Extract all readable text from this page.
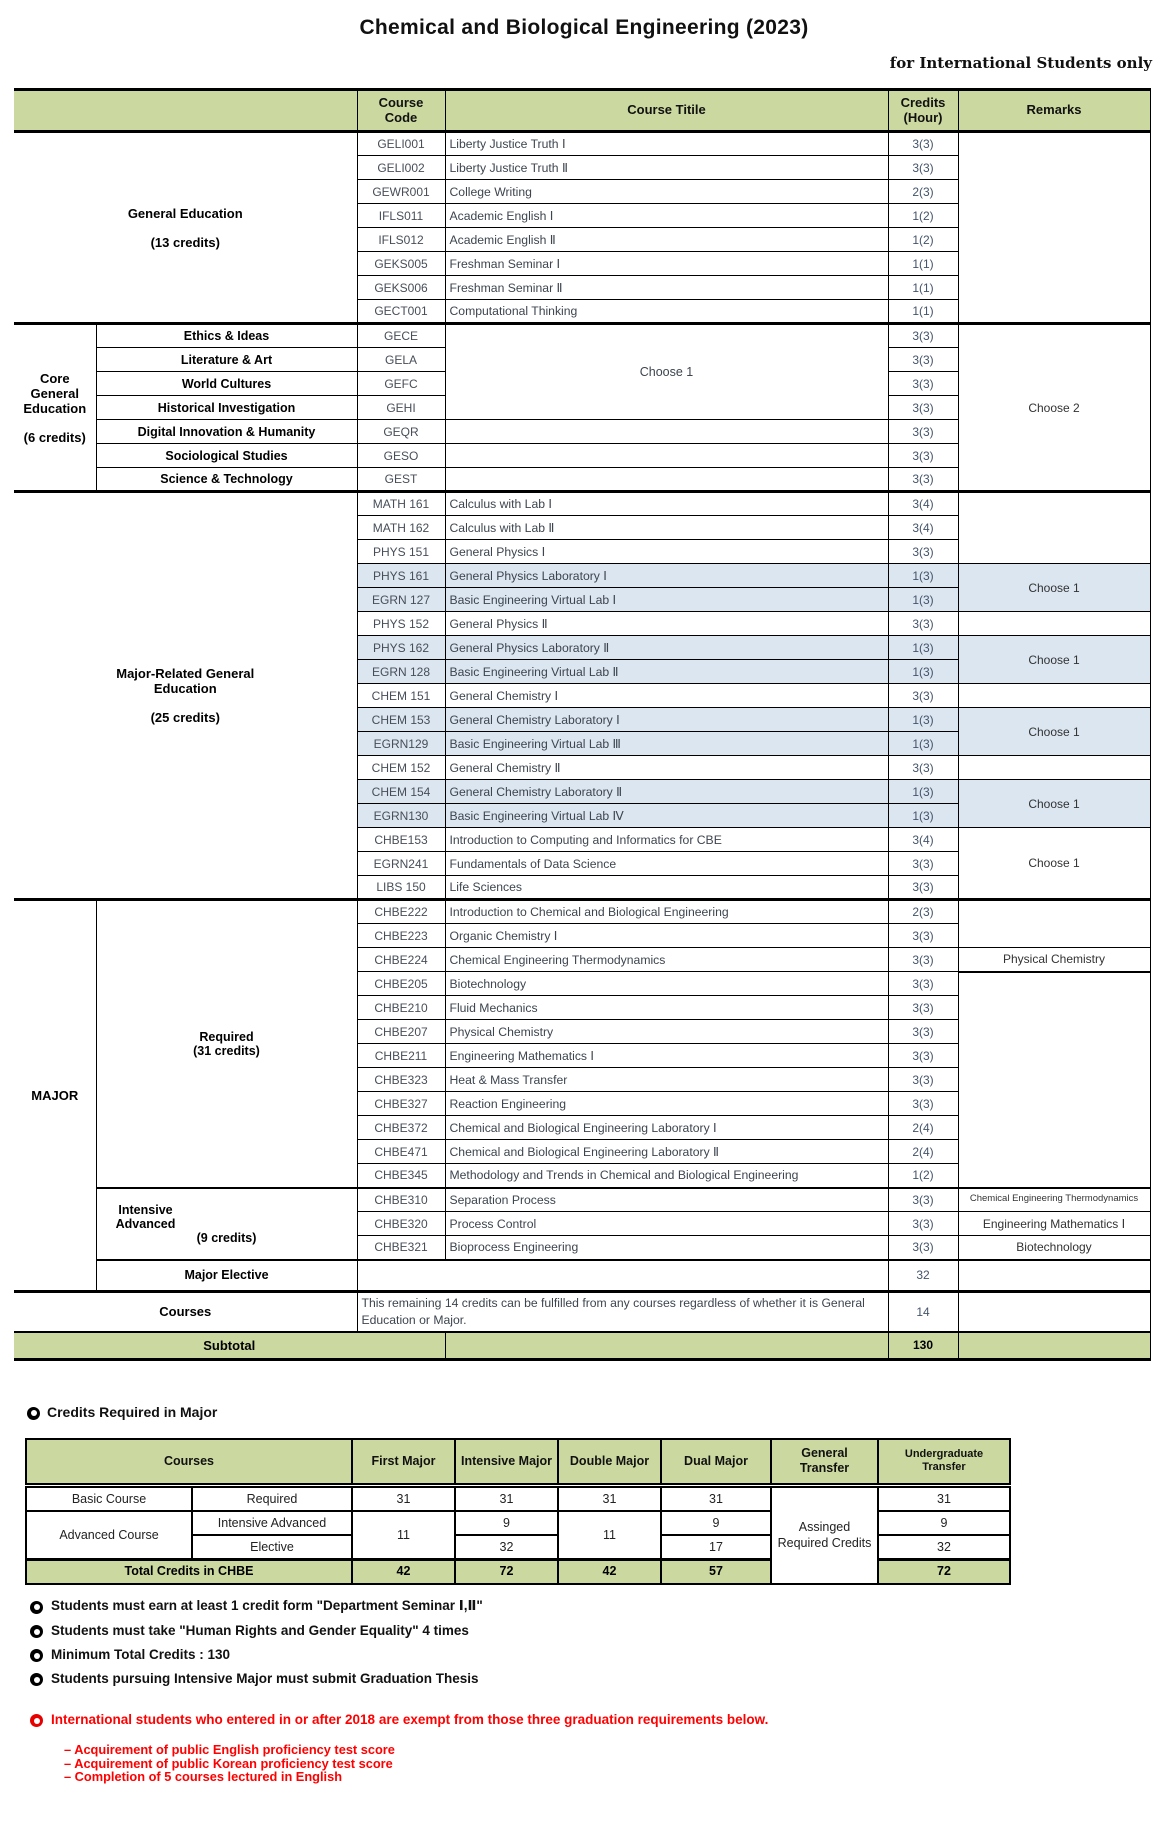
Chemical and Biological Engineering (2023)
for International Students only
		Course Code	Course Titile	Credits (Hour)	Remarks

General Education
(13 credits)		GELI001	Liberty Justice Truth Ⅰ	3(3)	
		GELI002	Liberty Justice Truth Ⅱ	3(3)	
		GEWR001	College Writing	2(3)	
		IFLS011	Academic English Ⅰ	1(2)	
		IFLS012	Academic English Ⅱ	1(2)	
		GEKS005	Freshman Seminar Ⅰ	1(1)	
		GEKS006	Freshman Seminar Ⅱ	1(1)	
		GECT001	Computational Thinking	1(1)	

Core General Education
(6 credits)	Ethics & Ideas	GECE	Choose 1	3(3)	Choose 2
	Literature & Art	GELA		3(3)	
	World Cultures	GEFC		3(3)	
	Historical Investigation	GEHI		3(3)	
	Digital Innovation & Humanity	GEQR		3(3)	
	Sociological Studies	GESO		3(3)	
	Science & Technology	GEST		3(3)	

Major-Related General Education
(25 credits)		MATH 161	Calculus with Lab Ⅰ	3(4)	
		MATH 162	Calculus with Lab Ⅱ	3(4)	
		PHYS 151	General Physics Ⅰ	3(3)	
		PHYS 161	General Physics Laboratory Ⅰ	1(3)	Choose 1
		EGRN 127	Basic Engineering Virtual Lab Ⅰ	1(3)	
		PHYS 152	General Physics Ⅱ	3(3)	
		PHYS 162	General Physics Laboratory Ⅱ	1(3)	Choose 1
		EGRN 128	Basic Engineering Virtual Lab Ⅱ	1(3)	
		CHEM 151	General Chemistry Ⅰ	3(3)	
		CHEM 153	General Chemistry Laboratory Ⅰ	1(3)	Choose 1
		EGRN129	Basic Engineering Virtual Lab Ⅲ	1(3)	
		CHEM 152	General Chemistry Ⅱ	3(3)	
		CHEM 154	General Chemistry Laboratory Ⅱ	1(3)	Choose 1
		EGRN130	Basic Engineering Virtual Lab Ⅳ	1(3)	
		CHBE153	Introduction to Computing and Informatics for CBE	3(4)	Choose 1
		EGRN241	Fundamentals of Data Science	3(3)	
		LIBS 150	Life Sciences	3(3)	
MAJOR	Required
(31 credits)	CHBE222	Introduction to Chemical and Biological Engineering	2(3)	
		CHBE223	Organic Chemistry Ⅰ	3(3)	
		CHBE224	Chemical Engineering Thermodynamics	3(3)	Physical Chemistry
		CHBE205	Biotechnology	3(3)	
		CHBE210	Fluid Mechanics	3(3)	
		CHBE207	Physical Chemistry	3(3)	
		CHBE211	Engineering Mathematics Ⅰ	3(3)	
		CHBE323	Heat & Mass Transfer	3(3)	
		CHBE327	Reaction Engineering	3(3)	
		CHBE372	Chemical and Biological Engineering Laboratory Ⅰ	2(4)	
		CHBE471	Chemical and Biological Engineering Laboratory Ⅱ	2(4)	
		CHBE345	Methodology and Trends in Chemical and Biological Engineering	1(2)	

	Intensive Advanced
(9 credits)	CHBE310	Separation Process	3(3)	Chemical Engineering Thermodynamics
		CHBE320	Process Control	3(3)	Engineering Mathematics Ⅰ
		CHBE321	Bioprocess Engineering	3(3)	Biotechnology
	Major Elective			32	
Courses		This remaining 14 credits can be fulfilled from any courses regardless of whether it is General Education or Major.		14	
Subtotal				130	
Credits Required in Major
Courses		First Major	Intensive Major	Double Major	Dual Major	General Transfer	Undergraduate Transfer
Basic Course	Required	31	31	31	31	Assinged Required Credits	31
Advanced Course	Intensive Advanced	11	9	11	9		9
	Elective		32		17		32
Total Credits in CHBE		42	72	42	57		72
Students must earn at least 1 credit form "Department Seminar Ⅰ,Ⅱ"
Students must take "Human Rights and Gender Equality" 4 times
Minimum Total Credits : 130
Students pursuing Intensive Major must submit Graduation Thesis
International students who entered in or after 2018 are exempt from those three graduation requirements below.
– Acquirement of public English proficiency test score
– Acquirement of public Korean proficiency test score
– Completion of 5 courses lectured in English
